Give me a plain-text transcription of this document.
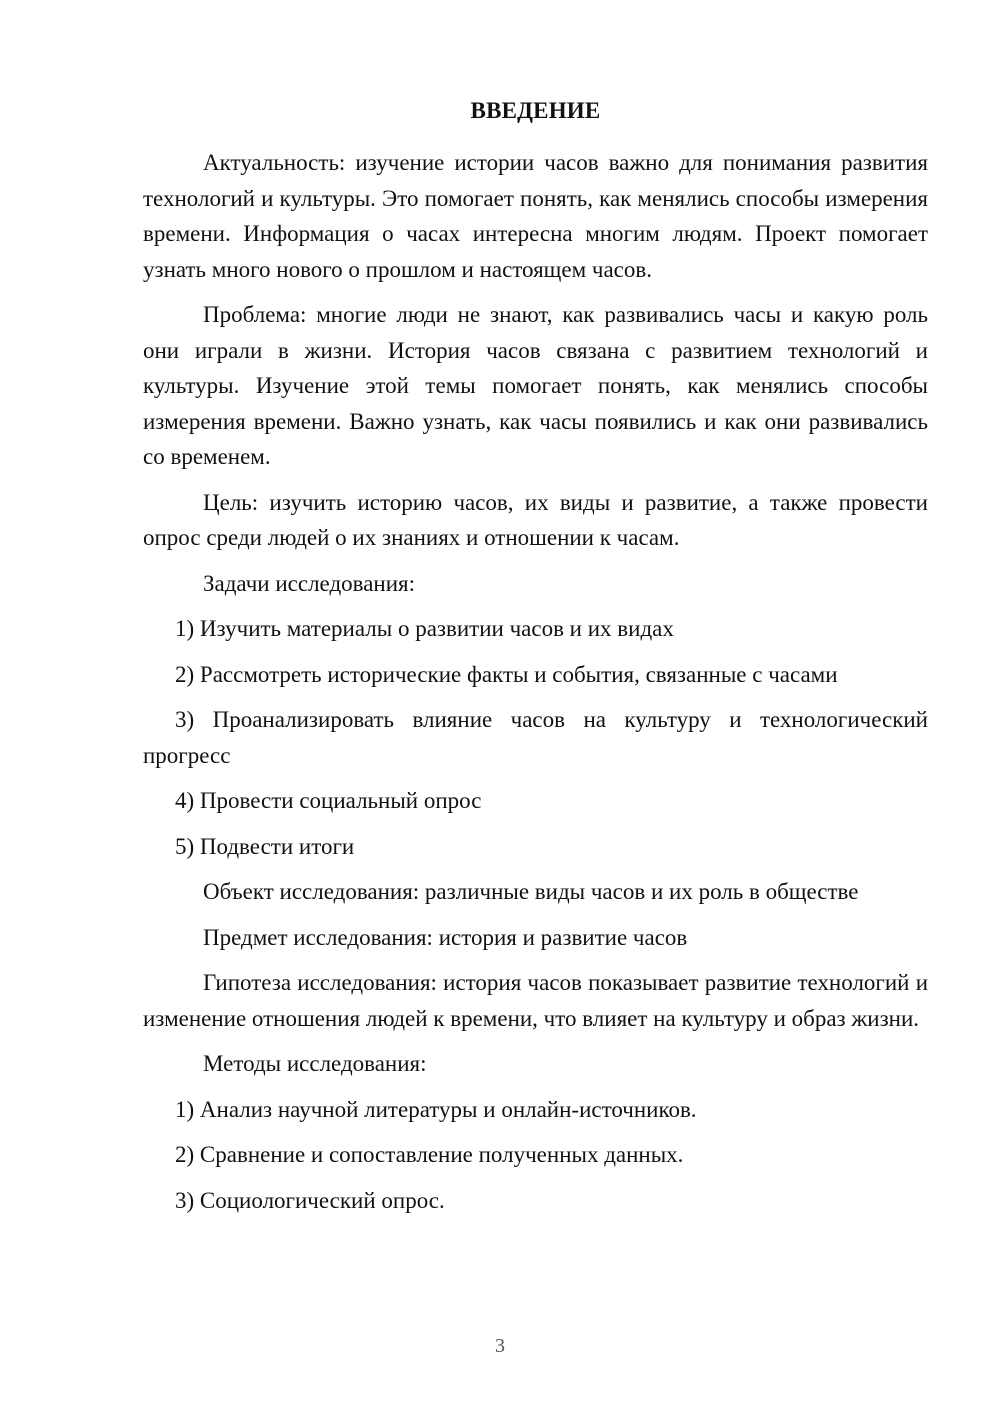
ВВЕДЕНИЕ

Актуальность: изучение истории часов важно для понимания развития технологий и культуры. Это помогает понять, как менялись способы измерения времени. Информация о часах интересна многим людям. Проект помогает узнать много нового о прошлом и настоящем часов.

Проблема: многие люди не знают, как развивались часы и какую роль они играли в жизни. История часов связана с развитием технологий и культуры. Изучение этой темы помогает понять, как менялись способы измерения времени. Важно узнать, как часы появились и как они развивались со временем.

Цель: изучить историю часов, их виды и развитие, а также провести опрос среди людей о их знаниях и отношении к часам.

Задачи исследования:

1) Изучить материалы о развитии часов и их видах

2) Рассмотреть исторические факты и события, связанные с часами

3) Проанализировать влияние часов на культуру и технологический прогресс

4) Провести социальный опрос

5) Подвести итоги

Объект исследования: различные виды часов и их роль в обществе

Предмет исследования: история и развитие часов

Гипотеза исследования: история часов показывает развитие технологий и изменение отношения людей к времени, что влияет на культуру и образ жизни.

Методы исследования:

1) Анализ научной литературы и онлайн-источников.

2) Сравнение и сопоставление полученных данных.

3) Социологический опрос.

3
